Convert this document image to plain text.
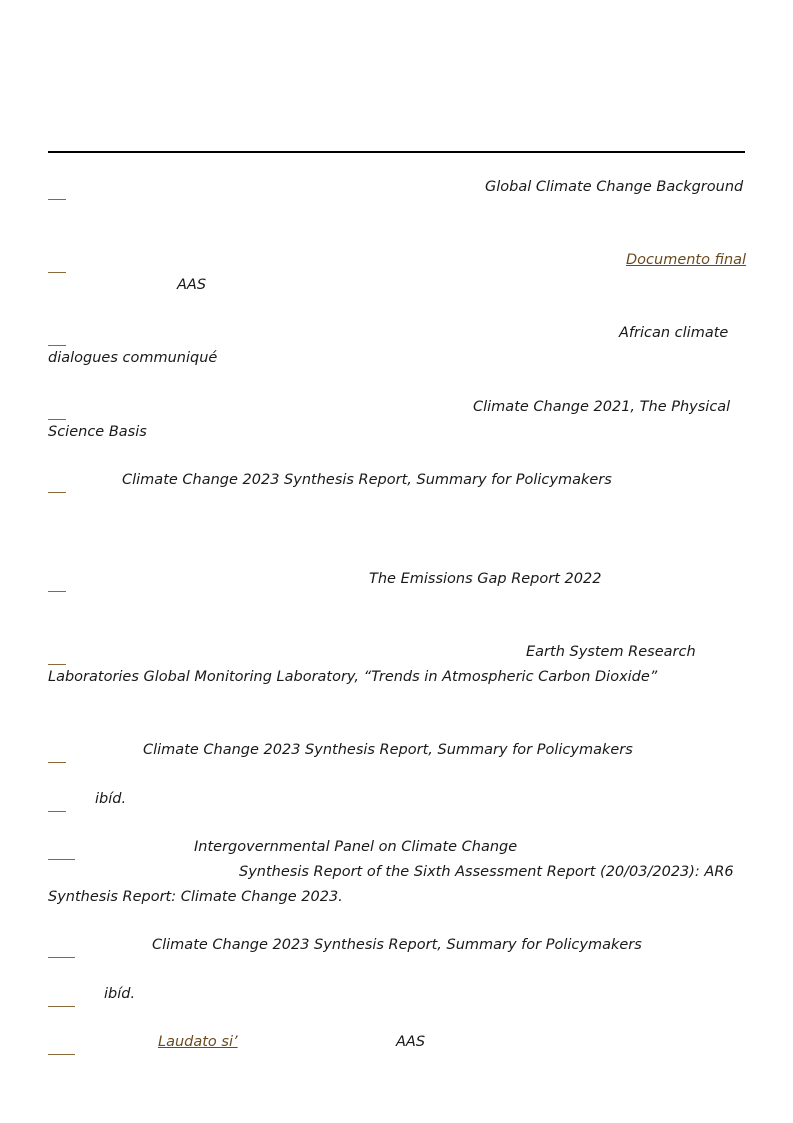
Global Climate Change Background
Documento final
AAS
African climate
dialogues communiqué
Climate Change 2021, The Physical
Science Basis
Climate Change 2023 Synthesis Report, Summary for Policymakers
The Emissions Gap Report 2022
Earth System Research
Laboratories Global Monitoring Laboratory, “Trends in Atmospheric Carbon Dioxide”
Climate Change 2023 Synthesis Report, Summary for Policymakers
ibíd.
Intergovernmental Panel on Climate Change
Synthesis Report of the Sixth Assessment Report (20/03/2023): AR6
Synthesis Report: Climate Change 2023.
Climate Change 2023 Synthesis Report, Summary for Policymakers
ibíd.
Laudato si’	AAS
